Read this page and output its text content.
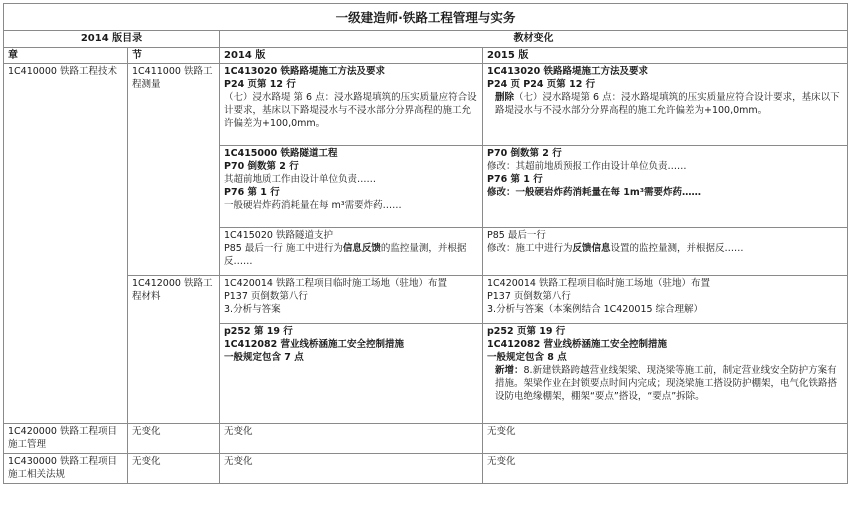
一级建造师·铁路工程管理与实务			
2014 版目录		教材变化	
章	节	2014 版	2015 版
1C410000 铁路工程技术	1C411000 铁路工程测量	1C413020 铁路路堤施工方法及要求
P24 页第 12 行
（七）浸水路堤 第 6 点：浸水路堤填筑的压实质量应符合设计要求，基床以下路堤浸水与不浸水部分分界高程的施工允许偏差为+100,0mm。	1C413020 铁路路堤施工方法及要求
P24 页 P24 页第 12 行
删除（七）浸水路堤第 6 点：浸水路堤填筑的压实质量应符合设计要求，基床以下路堤浸水与不浸水部分分界高程的施工允许偏差为+100,0mm。

		1C415000 铁路隧道工程
P70 倒数第 2 行
其超前地质工作由设计单位负责……
P76 第 1 行
一般硬岩炸药消耗量在每 m³需要炸药……	P70 倒数第 2 行
修改：其超前地质预报工作由设计单位负责……
P76 第 1 行
修改：一般硬岩炸药消耗量在每 1m³需要炸药……

		1C415020 铁路隧道支护
P85 最后一行 施工中进行为信息反馈的监控量测，并根据反……	P85 最后一行
修改：施工中进行为反馈信息设置的监控量测，并根据反……

	1C412000 铁路工程材料	1C420014 铁路工程项目临时施工场地（驻地）布置
P137 页倒数第八行
3.分析与答案	1C420014 铁路工程项目临时施工场地（驻地）布置
P137 页倒数第八行
3.分析与答案（本案例结合 1C420015 综合理解）

		p252 第 19 行
1C412082 营业线桥涵施工安全控制措施
一般规定包含 7 点	p252 页第 19 行
1C412082 营业线桥涵施工安全控制措施
一般规定包含 8 点
新增：8.新建铁路跨越营业线架梁、现浇梁等施工前，制定营业线安全防护方案有措施。架梁作业在封锁要点时间内完成；现浇梁施工搭设防护棚架，电气化铁路搭设防电绝缘棚架，棚架“要点”搭设，“要点”拆除。

1C420000 铁路工程项目施工管理	无变化	无变化	无变化
1C430000 铁路工程项目施工相关法规	无变化	无变化	无变化
